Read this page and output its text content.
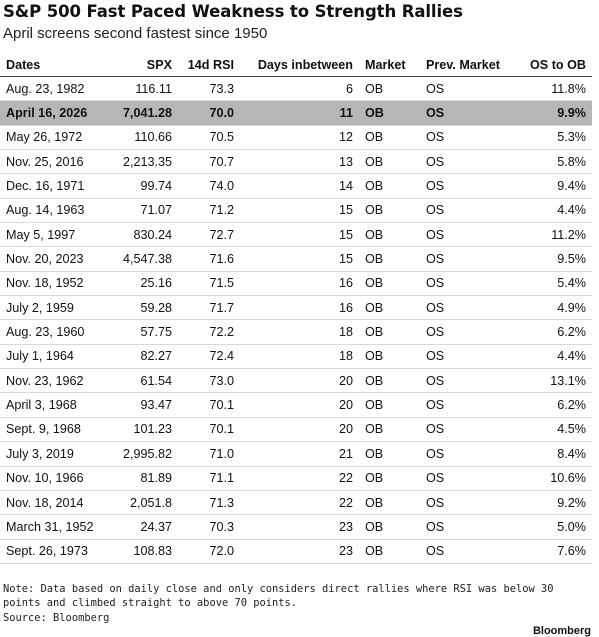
S&P 500 Fast Paced Weakness to Strength Rallies
April screens second fastest since 1950
Dates	SPX	14d RSI	Days inbetween	Market	Prev. Market	OS to OB
Aug. 23, 1982	116.11	73.3	6	OB	OS	11.8%
April 16, 2026	7,041.28	70.0	11	OB	OS	9.9%
May 26, 1972	110.66	70.5	12	OB	OS	5.3%
Nov. 25, 2016	2,213.35	70.7	13	OB	OS	5.8%
Dec. 16, 1971	99.74	74.0	14	OB	OS	9.4%
Aug. 14, 1963	71.07	71.2	15	OB	OS	4.4%
May 5, 1997	830.24	72.7	15	OB	OS	11.2%
Nov. 20, 2023	4,547.38	71.6	15	OB	OS	9.5%
Nov. 18, 1952	25.16	71.5	16	OB	OS	5.4%
July 2, 1959	59.28	71.7	16	OB	OS	4.9%
Aug. 23, 1960	57.75	72.2	18	OB	OS	6.2%
July 1, 1964	82.27	72.4	18	OB	OS	4.4%
Nov. 23, 1962	61.54	73.0	20	OB	OS	13.1%
April 3, 1968	93.47	70.1	20	OB	OS	6.2%
Sept. 9, 1968	101.23	70.1	20	OB	OS	4.5%
July 3, 2019	2,995.82	71.0	21	OB	OS	8.4%
Nov. 10, 1966	81.89	71.1	22	OB	OS	10.6%
Nov. 18, 2014	2,051.8	71.3	22	OB	OS	9.2%
March 31, 1952	24.37	70.3	23	OB	OS	5.0%
Sept. 26, 1973	108.83	72.0	23	OB	OS	7.6%
Note: Data based on daily close and only considers direct rallies where RSI was below 30 points and climbed straight to above 70 points.
Source: Bloomberg
Bloomberg
